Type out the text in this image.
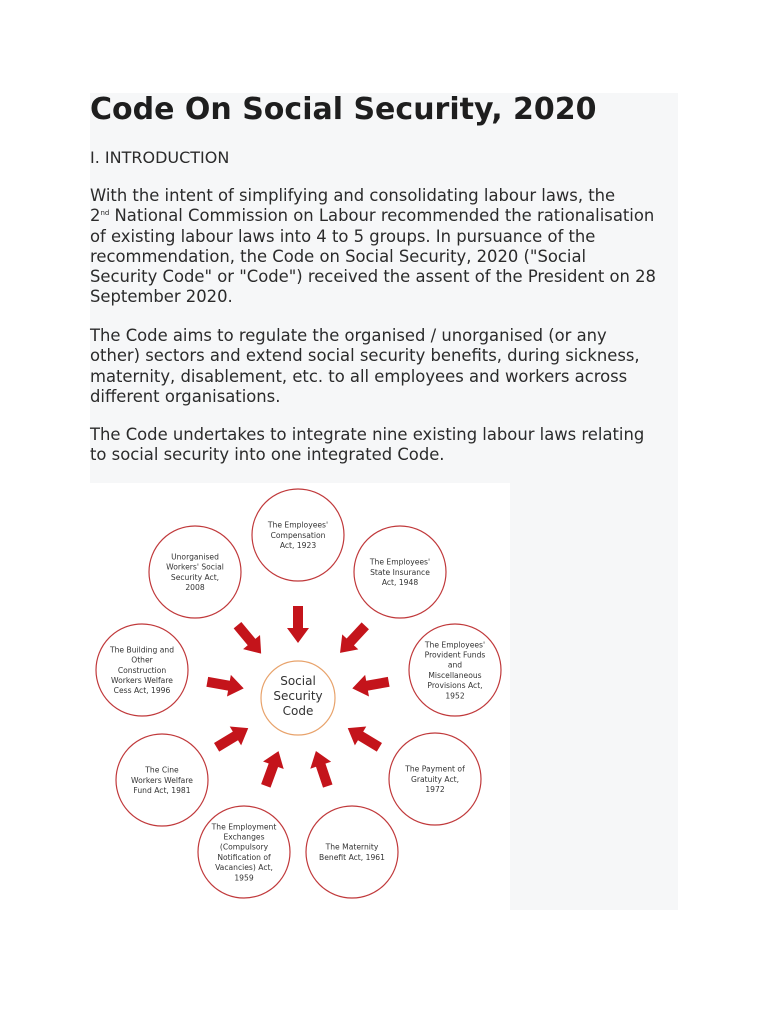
Code On Social Security, 2020

I. INTRODUCTION

With the intent of simplifying and consolidating labour laws, the
2nd National Commission on Labour recommended the rationalisation
of existing labour laws into 4 to 5 groups. In pursuance of the
recommendation, the Code on Social Security, 2020 ("Social
Security Code" or "Code") received the assent of the President on 28
September 2020.

The Code aims to regulate the organised / unorganised (or any
other) sectors and extend social security benefits, during sickness,
maternity, disablement, etc. to all employees and workers across
different organisations.

The Code undertakes to integrate nine existing labour laws relating
to social security into one integrated Code.

The Employees'
Compensation
Act, 1923
The Employees'
State Insurance
Act, 1948
The Employees'
Provident Funds
and
Miscellaneous
Provisions Act,
1952
The Payment of
Gratuity Act,
1972
The Maternity
Benefit Act, 1961
The Employment
Exchanges
(Compulsory
Notification of
Vacancies) Act,
1959
The Cine
Workers Welfare
Fund Act, 1981
The Building and
Other
Construction
Workers Welfare
Cess Act, 1996
Unorganised
Workers' Social
Security Act,
2008
Social
Security
Code
